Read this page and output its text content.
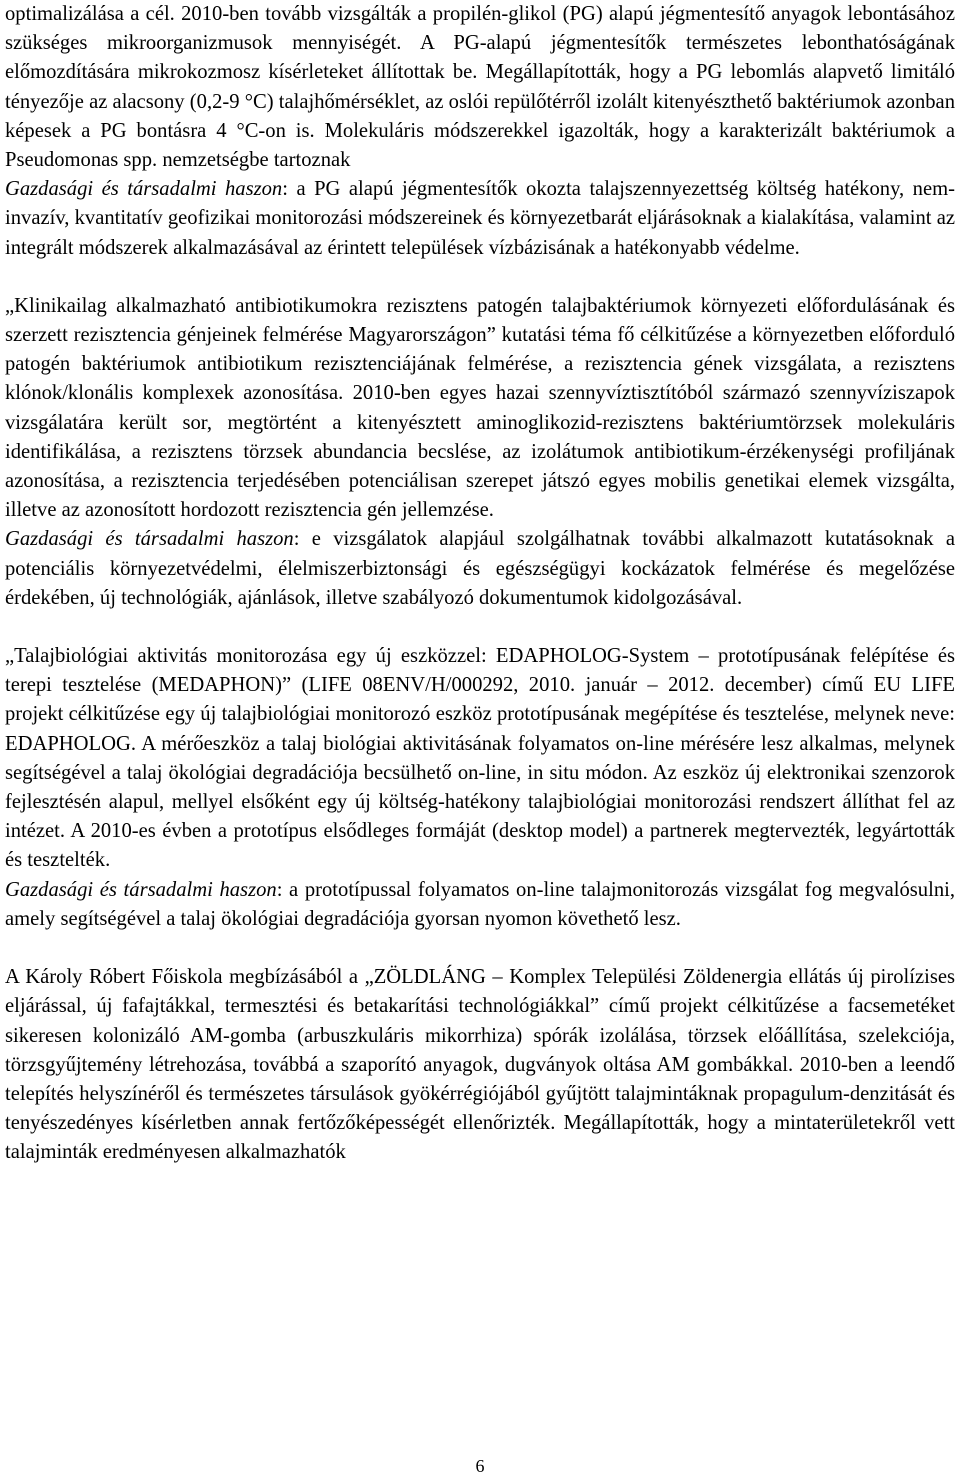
optimalizálása a cél. 2010-ben tovább vizsgálták a propilén-glikol (PG) alapú jégmentesítő anyagok lebontásához szükséges mikroorganizmusok mennyiségét. A PG-alapú jégmentesítők természetes lebonthatóságának előmozdítására mikrokozmosz kísérleteket állítottak be. Megállapították, hogy a PG lebomlás alapvető limitáló tényezője az alacsony (0,2-9 °C) talajhőmérséklet, az oslói repülőtérről izolált kitenyészthető baktériumok azonban képesek a PG bontásra 4 °C-on is. Molekuláris módszerekkel igazolták, hogy a karakterizált baktériumok a Pseudomonas spp. nemzetségbe tartoznak

Gazdasági és társadalmi haszon: a PG alapú jégmentesítők okozta talajszennyezettség költség hatékony, nem-invazív, kvantitatív geofizikai monitorozási módszereinek és környezetbarát eljárásoknak a kialakítása, valamint az integrált módszerek alkalmazásával az érintett települések vízbázisának a hatékonyabb védelme.

„Klinikailag alkalmazható antibiotikumokra rezisztens patogén talajbaktériumok környezeti előfordulásának és szerzett rezisztencia génjeinek felmérése Magyarországon” kutatási téma fő célkitűzése a környezetben előforduló patogén baktériumok antibiotikum rezisztenciájának felmérése, a rezisztencia gének vizsgálata, a rezisztens klónok/klonális komplexek azonosítása. 2010-ben egyes hazai szennyvíztisztítóból származó szennyvíziszapok vizsgálatára került sor, megtörtént a kitenyésztett aminoglikozid-rezisztens baktériumtörzsek molekuláris identifikálása, a rezisztens törzsek abundancia becslése, az izolátumok antibiotikum-érzékenységi profiljának azonosítása, a rezisztencia terjedésében potenciálisan szerepet játszó egyes mobilis genetikai elemek vizsgálta, illetve az azonosított hordozott rezisztencia gén jellemzése.

Gazdasági és társadalmi haszon: e vizsgálatok alapjául szolgálhatnak további alkalmazott kutatásoknak a potenciális környezetvédelmi, élelmiszerbiztonsági és egészségügyi kockázatok felmérése és megelőzése érdekében, új technológiák, ajánlások, illetve szabályozó dokumentumok kidolgozásával.

„Talajbiológiai aktivitás monitorozása egy új eszközzel: EDAPHOLOG-System – prototípusának felépítése és terepi tesztelése (MEDAPHON)” (LIFE 08ENV/H/000292, 2010. január – 2012. december) című EU LIFE projekt célkitűzése egy új talajbiológiai monitorozó eszköz prototípusának megépítése és tesztelése, melynek neve: EDAPHOLOG. A mérőeszköz a talaj biológiai aktivitásának folyamatos on-line mérésére lesz alkalmas, melynek segítségével a talaj ökológiai degradációja becsülhető on-line, in situ módon. Az eszköz új elektronikai szenzorok fejlesztésén alapul, mellyel elsőként egy új költség-hatékony talajbiológiai monitorozási rendszert állíthat fel az intézet. A 2010-es évben a prototípus elsődleges formáját (desktop model) a partnerek megtervezték, legyártották és tesztelték.

Gazdasági és társadalmi haszon: a prototípussal folyamatos on-line talajmonitorozás vizsgálat fog megvalósulni, amely segítségével a talaj ökológiai degradációja gyorsan nyomon követhető lesz.

A Károly Róbert Főiskola megbízásából a „ZÖLDLÁNG – Komplex Települési Zöldenergia ellátás új pirolízises eljárással, új fafajtákkal, termesztési és betakarítási technológiákkal” című projekt célkitűzése a facsemetéket sikeresen kolonizáló AM-gomba (arbuszkuláris mikorrhiza) spórák izolálása, törzsek előállítása, szelekciója, törzsgyűjtemény létrehozása, továbbá a szaporító anyagok, dugványok oltása AM gombákkal. 2010-ben a leendő telepítés helyszínéről és természetes társulások gyökérrégiójából gyűjtött talajmintáknak propagulum-denzitását és tenyészedényes kísérletben annak fertőzőképességét ellenőrizték. Megállapították, hogy a mintaterületekről vett talajminták eredményesen alkalmazhatók

6
